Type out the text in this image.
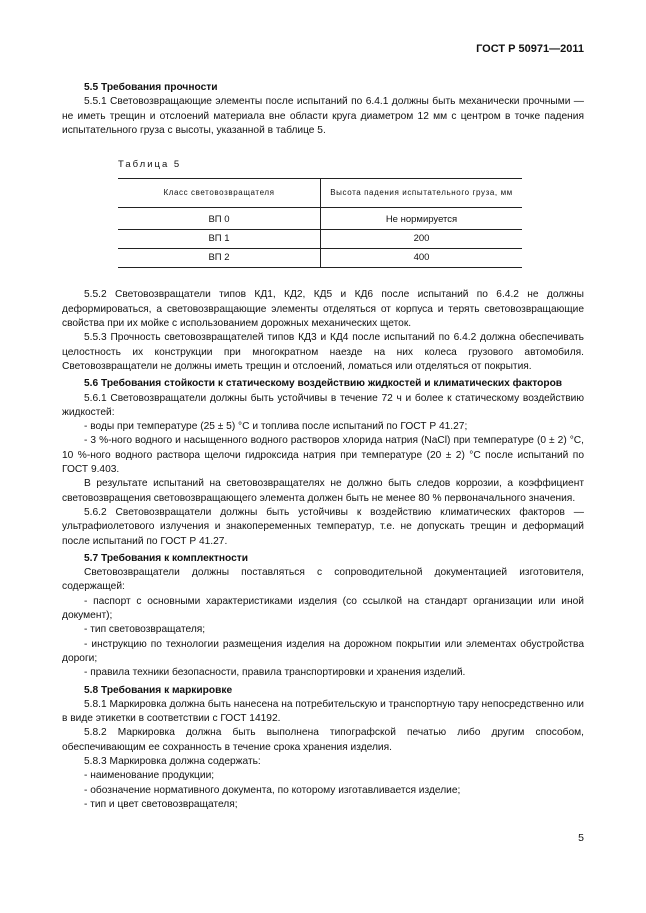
ГОСТ Р 50971—2011

5.5 Требования прочности

5.5.1 Световозвращающие элементы после испытаний по 6.4.1 должны быть механически прочными — не иметь трещин и отслоений материала вне области круга диаметром 12 мм с центром в точке падения испытательного груза с высоты, указанной в таблице 5.

Таблица 5
Класс световозвращателя	Высота падения испытательного груза, мм
ВП 0	Не нормируется
ВП 1	200
ВП 2	400

5.5.2 Световозвращатели типов КД1, КД2, КД5 и КД6 после испытаний по 6.4.2 не должны деформироваться, а световозвращающие элементы отделяться от корпуса и терять световозвращающие свойства при их мойке с использованием дорожных механических щеток.

5.5.3 Прочность световозвращателей типов КД3 и КД4 после испытаний по 6.4.2 должна обеспечивать целостность их конструкции при многократном наезде на них колеса грузового автомобиля. Световозвращатели не должны иметь трещин и отслоений, ломаться или отделяться от покрытия.

5.6 Требования стойкости к статическому воздействию жидкостей и климатических факторов

5.6.1 Световозвращатели должны быть устойчивы в течение 72 ч и более к статическому воздействию жидкостей:

- воды при температуре (25 ± 5) °С и топлива после испытаний по ГОСТ Р 41.27;

- 3 %-ного водного и насыщенного водного растворов хлорида натрия (NaCl) при температуре (0 ± 2) °С, 10 %-ного водного раствора щелочи гидроксида натрия при температуре (20 ± 2) °С после испытаний по ГОСТ 9.403.

В результате испытаний на световозвращателях не должно быть следов коррозии, а коэффициент световозвращения световозвращающего элемента должен быть не менее 80 % первоначального значения.

5.6.2 Световозвращатели должны быть устойчивы к воздействию климатических факторов — ультрафиолетового излучения и знакопеременных температур, т.е. не допускать трещин и деформаций после испытаний по ГОСТ Р 41.27.

5.7 Требования к комплектности

Световозвращатели должны поставляться с сопроводительной документацией изготовителя, содержащей:

- паспорт с основными характеристиками изделия (со ссылкой на стандарт организации или иной документ);

- тип световозвращателя;

- инструкцию по технологии размещения изделия на дорожном покрытии или элементах обустройства дороги;

- правила техники безопасности, правила транспортировки и хранения изделий.

5.8 Требования к маркировке

5.8.1 Маркировка должна быть нанесена на потребительскую и транспортную тару непосредственно или в виде этикетки в соответствии с ГОСТ 14192.

5.8.2 Маркировка должна быть выполнена типографской печатью либо другим способом, обеспечивающим ее сохранность в течение срока хранения изделия.

5.8.3 Маркировка должна содержать:

- наименование продукции;

- обозначение нормативного документа, по которому изготавливается изделие;

- тип и цвет световозвращателя;

5
